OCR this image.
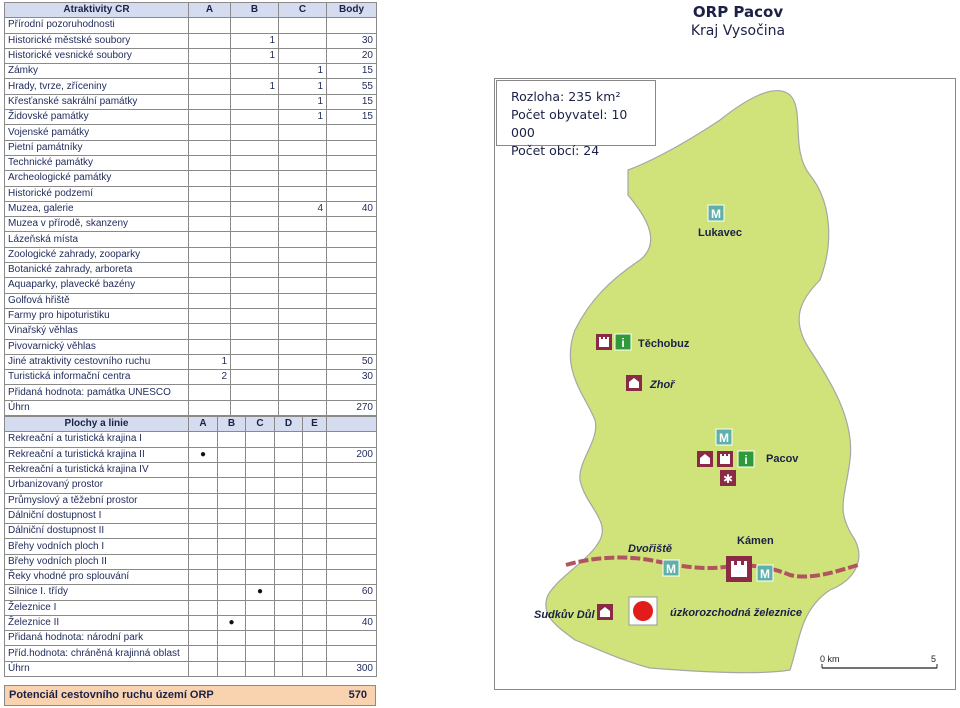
Atraktivity CR	A	B	C	Body
Přírodní pozoruhodnosti				
Historické městské soubory		1		30
Historické vesnické soubory		1		20
Zámky			1	15
Hrady, tvrze, zříceniny		1	1	55
Křesťanské sakrální památky			1	15
Židovské památky			1	15
Vojenské památky				
Pietní památníky				
Technické památky				
Archeologické památky				
Historické podzemí				
Muzea, galerie			4	40
Muzea v přírodě, skanzeny				
Lázeňská místa				
Zoologické zahrady, zooparky				
Botanické zahrady, arboreta				
Aquaparky, plavecké bazény				
Golfová hřiště				
Farmy pro hipoturistiku				
Vinařský věhlas				
Pivovarnický věhlas				
Jiné atraktivity cestovního ruchu	1			50
Turistická informační centra	2			30
Přidaná hodnota: památka UNESCO				
Úhrn				270
Plochy a linie	A	B	C	D	E	
Rekreační a turistická krajina I						
Rekreační a turistická krajina II	●					200
Rekreační a turistická krajina IV						
Urbanizovaný prostor						
Průmyslový a těžební prostor						
Dálniční dostupnost I						
Dálniční dostupnost II						
Břehy vodních ploch I						
Břehy vodních ploch II						
Řeky vhodné pro splouvání						
Silnice I. třídy			●			60
Železnice I						
Železnice II		●				40
Přidaná hodnota: národní park						
Příd.hodnota: chráněná krajinná oblast						
Úhrn						300
Potenciál cestovního ruchu území ORP	570
ORP Pacov
Kraj Vysočina
M
Lukavec
i Těchobuz
Zhoř
M
i
✱
Pacov
Kámen
Dvořiště
M	M
Sudkův Důl	úzkorozchodná železnice
0 km	5
Rozloha: 235 km²
Počet obyvatel: 10 000
Počet obcí: 24
